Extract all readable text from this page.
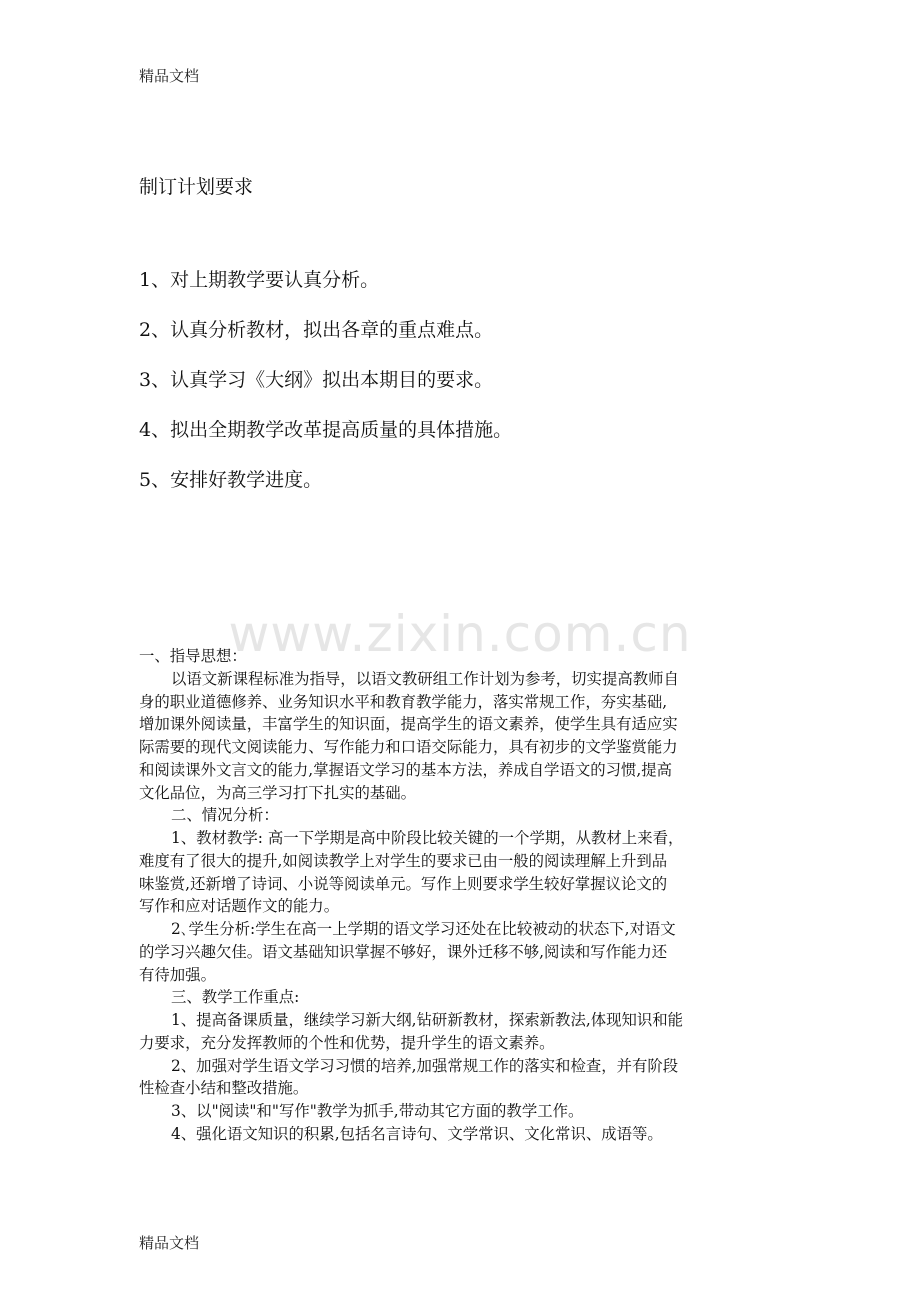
精品文档
制订计划要求
1、对上期教学要认真分析。
2、认真分析教材，拟出各章的重点难点。
3、认真学习《大纲》拟出本期目的要求。
4、拟出全期教学改革提高质量的具体措施。
5、安排好教学进度。
www.zixin.com.cn
一、指导思想：
以语文新课程标准为指导，以语文教研组工作计划为参考，切实提高教师自
身的职业道德修养、业务知识水平和教育教学能力，落实常规工作，夯实基础,
增加课外阅读量，丰富学生的知识面，提高学生的语文素养，使学生具有适应实
际需要的现代文阅读能力、写作能力和口语交际能力，具有初步的文学鉴赏能力
和阅读课外文言文的能力,掌握语文学习的基本方法，养成自学语文的习惯,提高
文化品位，为高三学习打下扎实的基础。
二、情况分析：
1、教材教学: 高一下学期是高中阶段比较关键的一个学期，从教材上来看，
难度有了很大的提升,如阅读教学上对学生的要求已由一般的阅读理解上升到品
味鉴赏,还新增了诗词、小说等阅读单元。写作上则要求学生较好掌握议论文的
写作和应对话题作文的能力。
2､学生分析:学生在高一上学期的语文学习还处在比较被动的状态下,对语文
的学习兴趣欠佳。语文基础知识掌握不够好，课外迁移不够,阅读和写作能力还
有待加强。
三、教学工作重点:
1、提高备课质量，继续学习新大纲,钻研新教材，探索新教法,体现知识和能
力要求，充分发挥教师的个性和优势，提升学生的语文素养。
2、加强对学生语文学习习惯的培养,加强常规工作的落实和检查，并有阶段
性检查小结和整改措施。
3、以"阅读"和"写作"教学为抓手,带动其它方面的教学工作。
4、强化语文知识的积累,包括名言诗句、文学常识、文化常识、成语等。
精品文档
